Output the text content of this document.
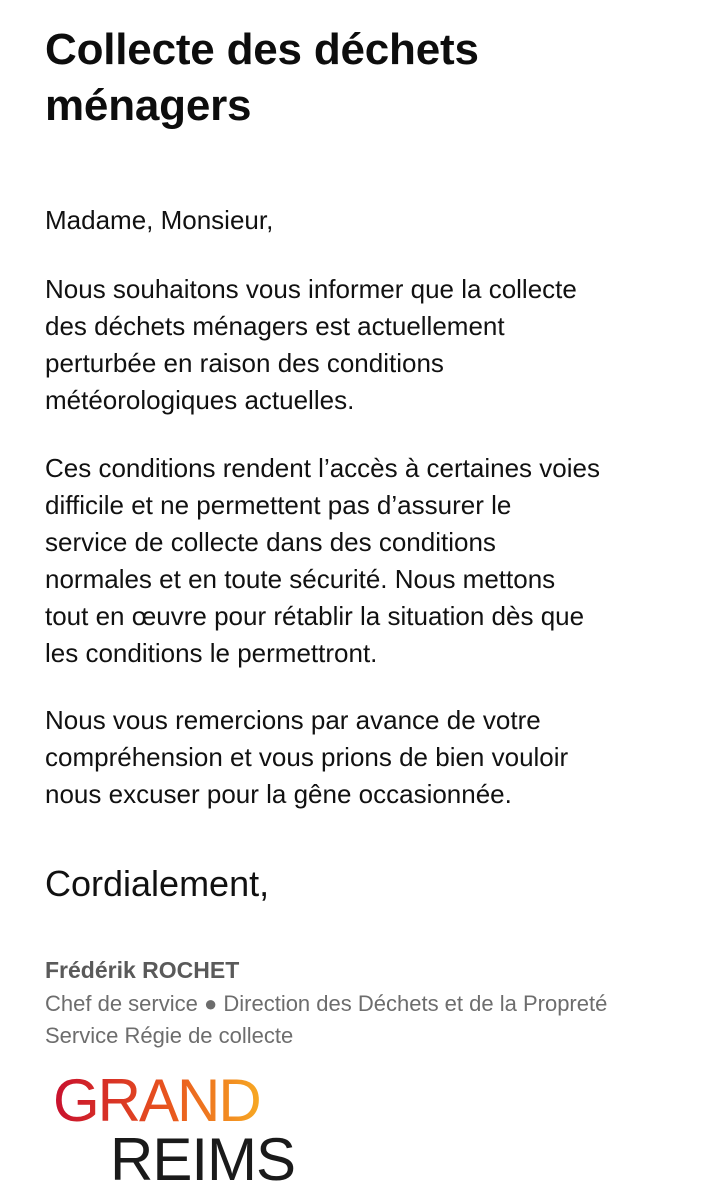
Collecte des déchets
ménagers

Madame, Monsieur,

Nous souhaitons vous informer que la collecte
des déchets ménagers est actuellement
perturbée en raison des conditions
météorologiques actuelles.

Ces conditions rendent l’accès à certaines voies
difficile et ne permettent pas d’assurer le
service de collecte dans des conditions
normales et en toute sécurité. Nous mettons
tout en œuvre pour rétablir la situation dès que
les conditions le permettront.

Nous vous remercions par avance de votre
compréhension et vous prions de bien vouloir
nous excuser pour la gêne occasionnée.

Cordialement,

Frédérik ROCHET

Chef de service ● Direction des Déchets et de la Propreté

Service Régie de collecte

GRAND
REIMS
